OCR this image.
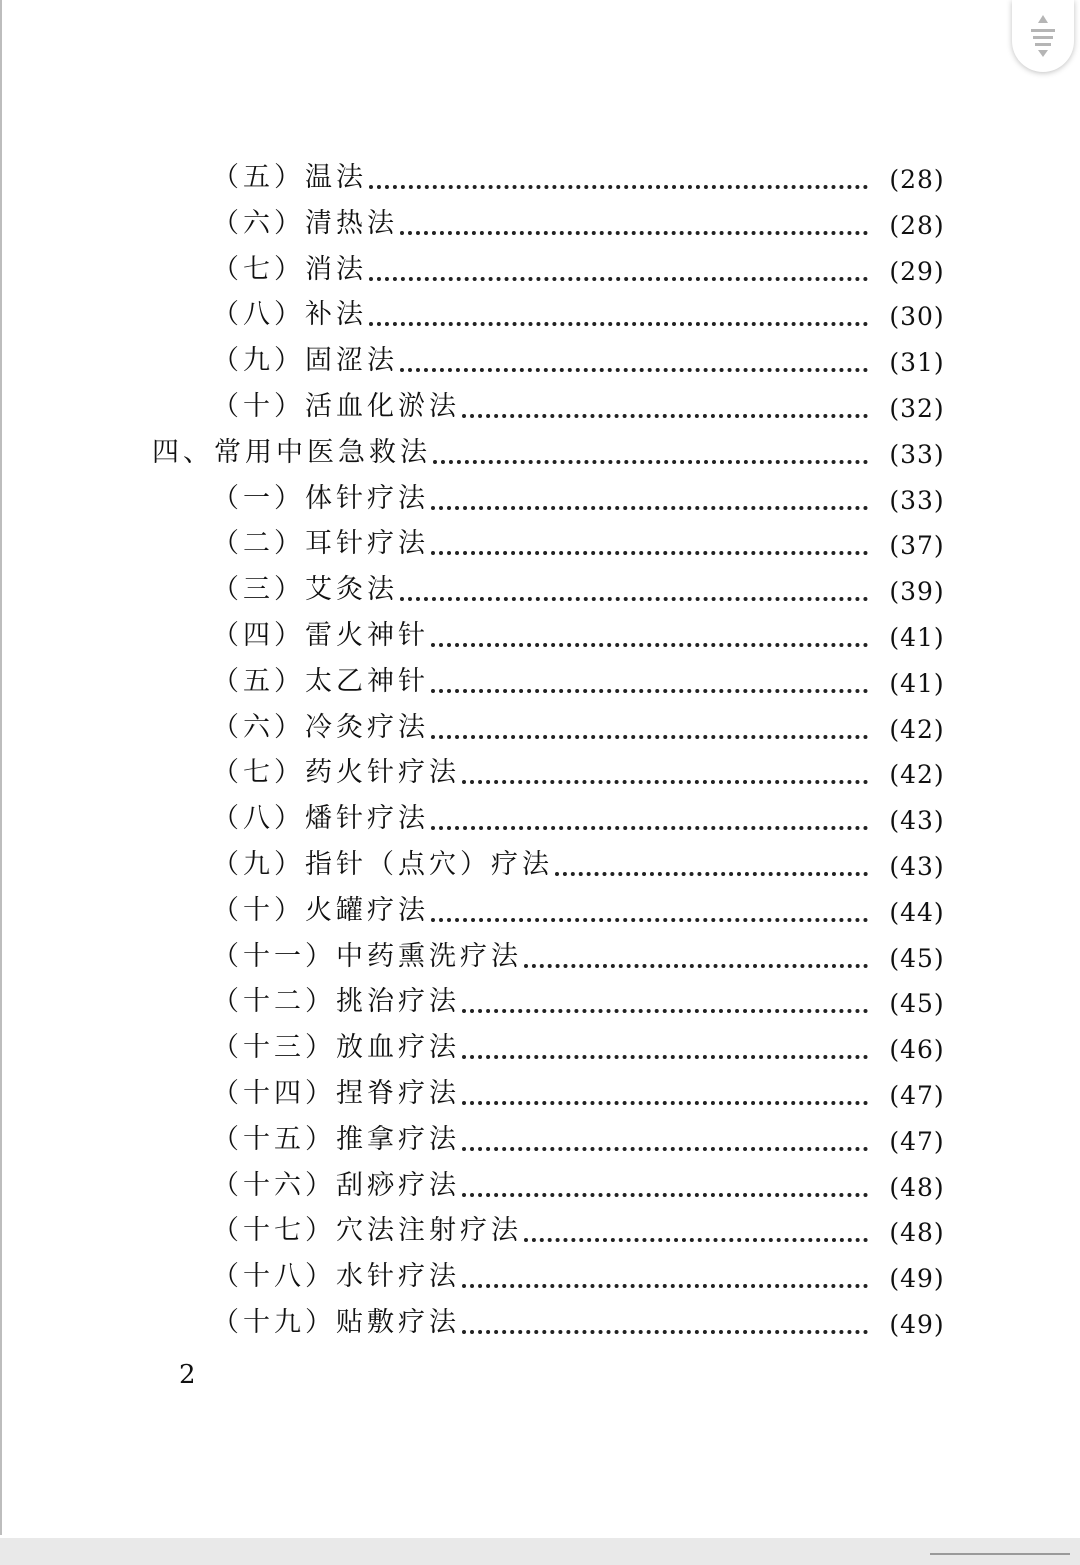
（五）温法	(28)
（六）清热法	(28)
（七）消法	(29)
（八）补法	(30)
（九）固涩法	(31)
（十）活血化淤法	(32)
四、常用中医急救法	(33)
（一）体针疗法	(33)
（二）耳针疗法	(37)
（三）艾灸法	(39)
（四）雷火神针	(41)
（五）太乙神针	(41)
（六）冷灸疗法	(42)
（七）药火针疗法	(42)
（八）燔针疗法	(43)
（九）指针（点穴）疗法	(43)
（十）火罐疗法	(44)
（十一）中药熏洗疗法	(45)
（十二）挑治疗法	(45)
（十三）放血疗法	(46)
（十四）捏脊疗法	(47)
（十五）推拿疗法	(47)
（十六）刮痧疗法	(48)
（十七）穴法注射疗法	(48)
（十八）水针疗法	(49)
（十九）贴敷疗法	(49)
2
